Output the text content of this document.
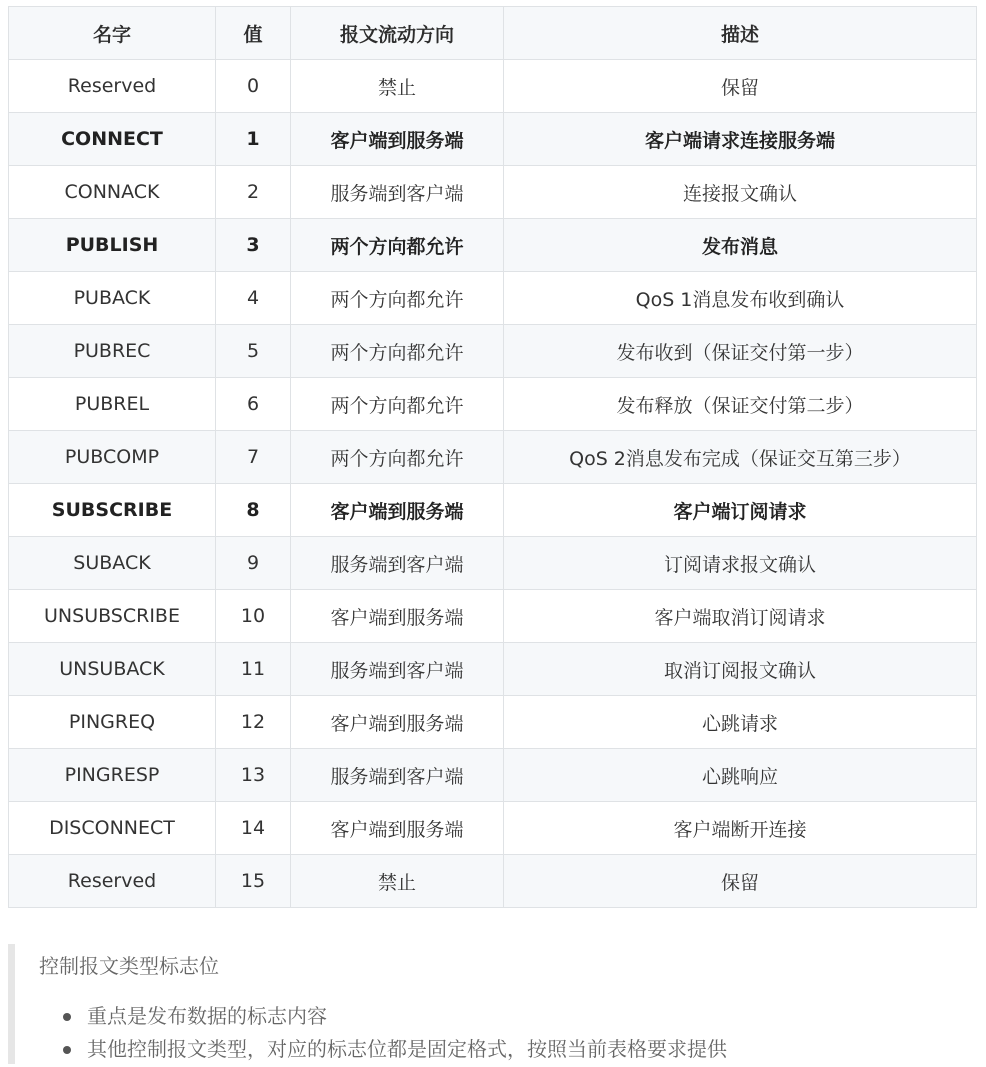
名字	值	报文流动方向	描述
Reserved	0	禁止	保留
CONNECT	1	客户端到服务端	客户端请求连接服务端
CONNACK	2	服务端到客户端	连接报文确认
PUBLISH	3	两个方向都允许	发布消息
PUBACK	4	两个方向都允许	QoS 1消息发布收到确认
PUBREC	5	两个方向都允许	发布收到（保证交付第一步）
PUBREL	6	两个方向都允许	发布释放（保证交付第二步）
PUBCOMP	7	两个方向都允许	QoS 2消息发布完成（保证交互第三步）
SUBSCRIBE	8	客户端到服务端	客户端订阅请求
SUBACK	9	服务端到客户端	订阅请求报文确认
UNSUBSCRIBE	10	客户端到服务端	客户端取消订阅请求
UNSUBACK	11	服务端到客户端	取消订阅报文确认
PINGREQ	12	客户端到服务端	心跳请求
PINGRESP	13	服务端到客户端	心跳响应
DISCONNECT	14	客户端到服务端	客户端断开连接
Reserved	15	禁止	保留

控制报文类型标志位

重点是发布数据的标志内容
其他控制报文类型，对应的标志位都是固定格式，按照当前表格要求提供
